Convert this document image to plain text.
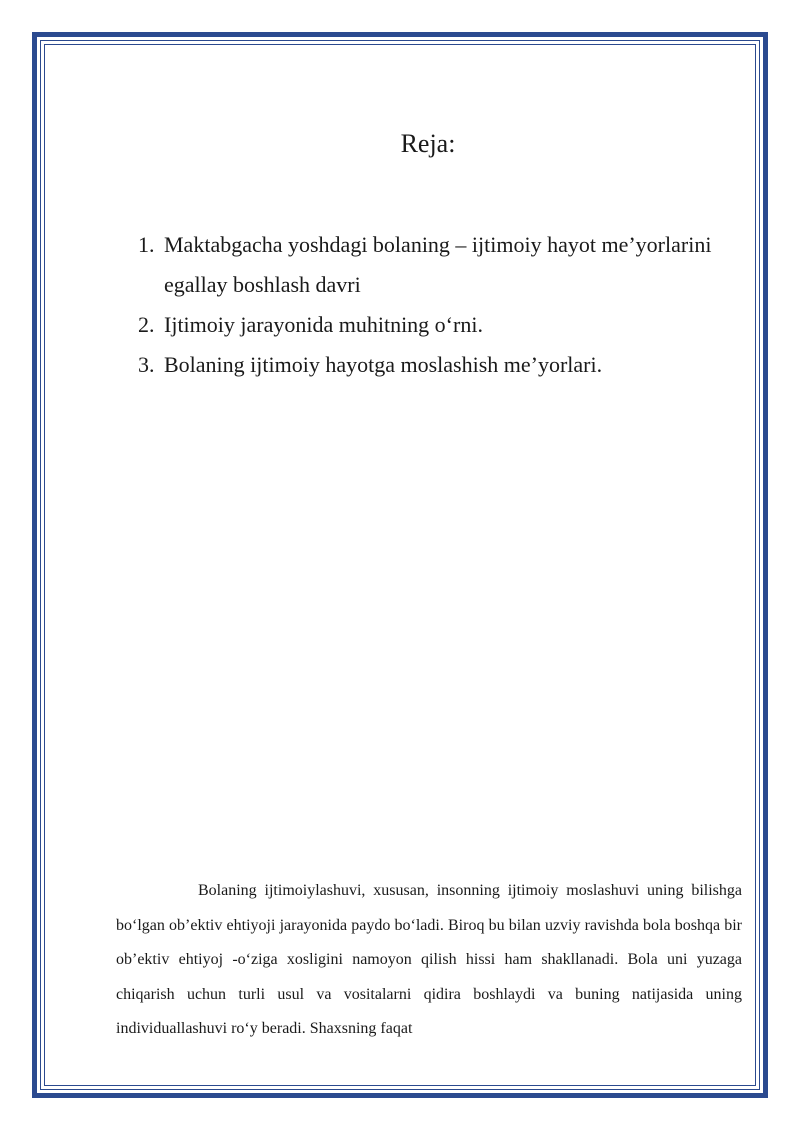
Reja:
1. Maktabgacha yoshdagi bolaning – ijtimoiy hayot me’yorlarini egallay boshlash davri
2. Ijtimoiy jarayonida muhitning o‘rni.
3. Bolaning ijtimoiy hayotga moslashish me’yorlari.

Bolaning ijtimoiylashuvi, xususan, insonning ijtimoiy moslashuvi uning bilishga bo‘lgan ob’ektiv ehtiyoji jarayonida paydo bo‘ladi. Biroq bu bilan uzviy ravishda bola boshqa bir ob’ektiv ehtiyoj -o‘ziga xosligini namoyon qilish hissi ham shakllanadi. Bola uni yuzaga chiqarish uchun turli usul va vositalarni qidira boshlaydi va buning natijasida uning individuallashuvi ro‘y beradi. Shaxsning faqat
